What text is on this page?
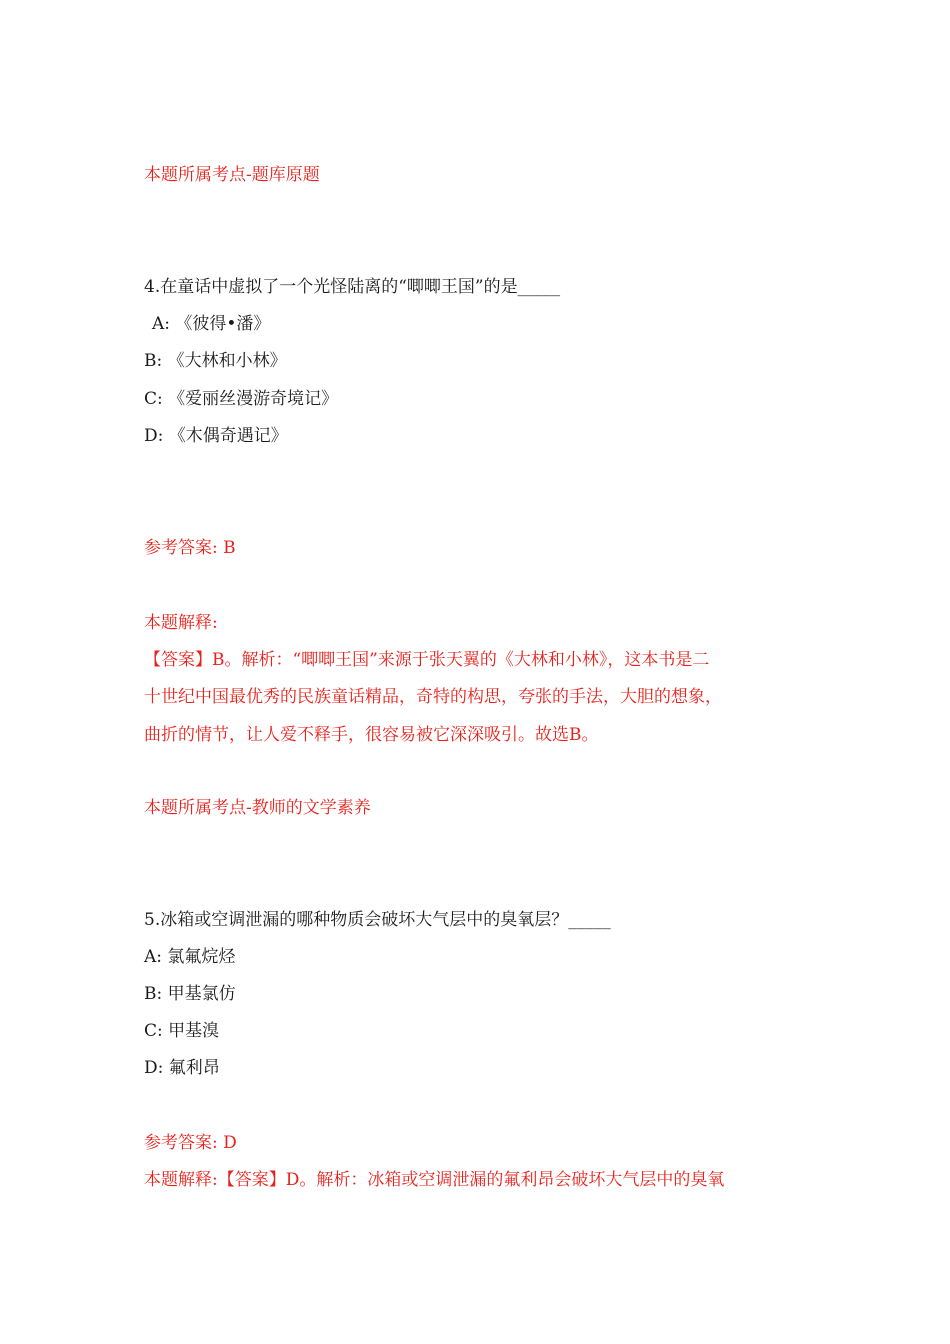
本题所属考点-题库原题
4.在童话中虚拟了一个光怪陆离的“唧唧王国”的是_____
A: 《彼得•潘》
B: 《大林和小林》
C: 《爱丽丝漫游奇境记》
D: 《木偶奇遇记》
参考答案: B
本题解释:
【答案】B。解析：“唧唧王国”来源于张天翼的《大林和小林》，这本书是二
十世纪中国最优秀的民族童话精品，奇特的构思，夸张的手法，大胆的想象，
曲折的情节，让人爱不释手，很容易被它深深吸引。故选B。
本题所属考点-教师的文学素养
5.冰箱或空调泄漏的哪种物质会破坏大气层中的臭氧层？_____
A: 氯氟烷烃
B: 甲基氯仿
C: 甲基溴
D: 氟利昂
参考答案: D
本题解释:【答案】D。解析：冰箱或空调泄漏的氟利昂会破坏大气层中的臭氧
